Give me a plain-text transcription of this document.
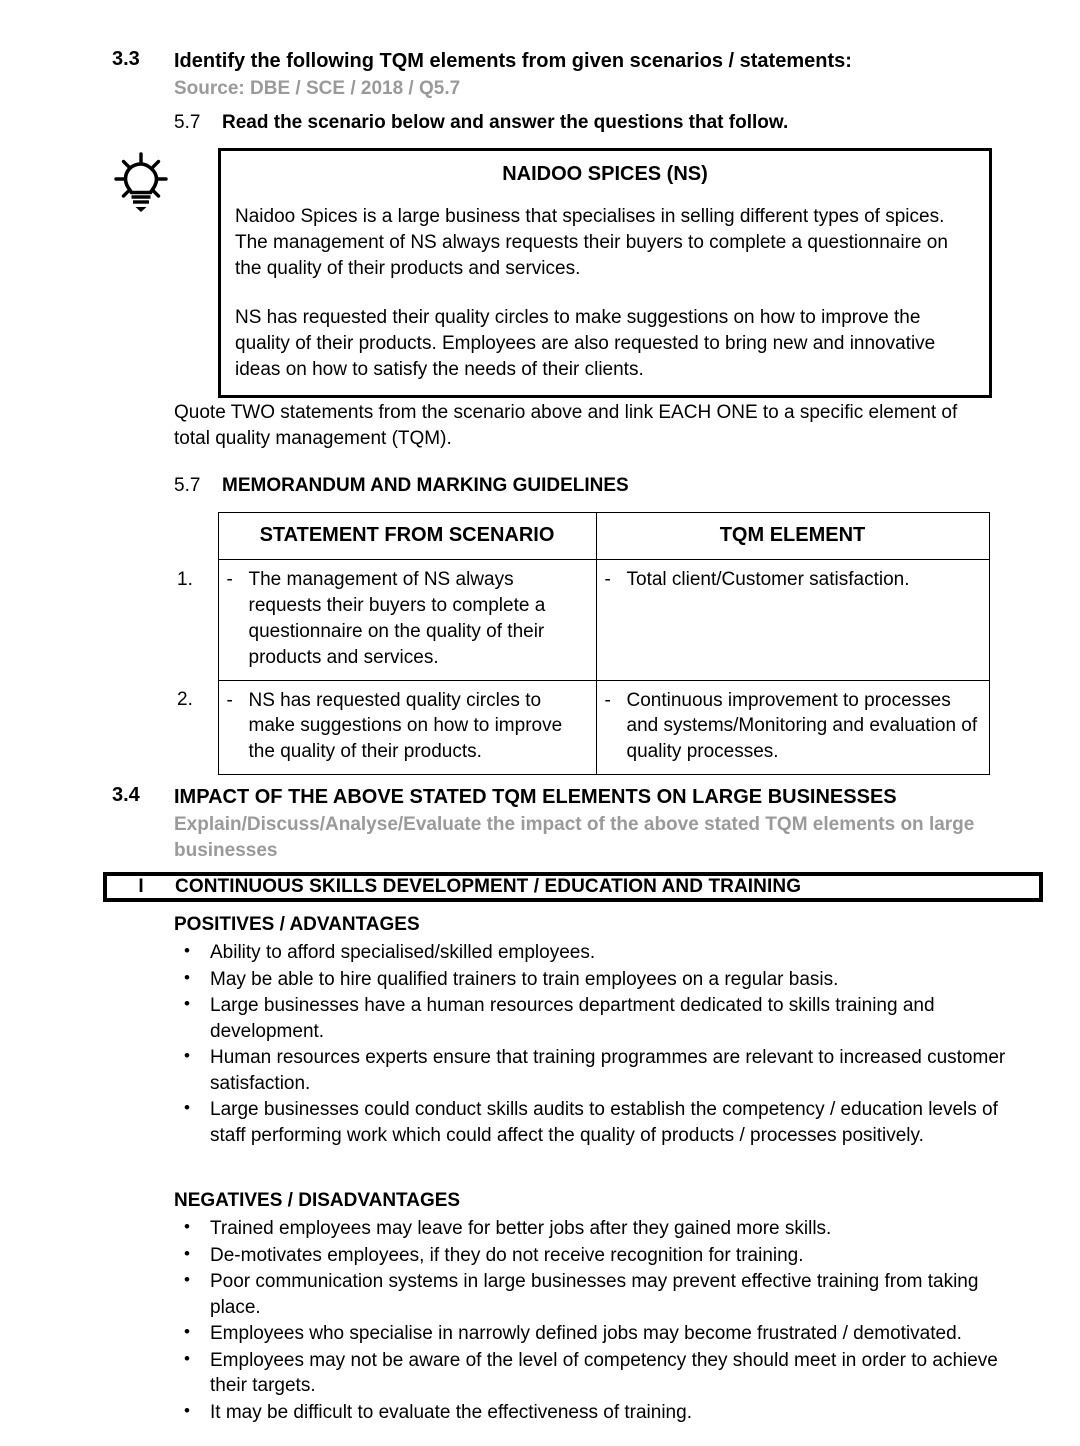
3.3	Identify the following TQM elements from given scenarios / statements:
Source: DBE / SCE / 2018 / Q5.7
5.7	Read the scenario below and answer the questions that follow.
NAIDOO SPICES (NS)

Naidoo Spices is a large business that specialises in selling different types of spices. The management of NS always requests their buyers to complete a questionnaire on the quality of their products and services.

NS has requested their quality circles to make suggestions on how to improve the quality of their products. Employees are also requested to bring new and innovative ideas on how to satisfy the needs of their clients.

Quote TWO statements from the scenario above and link EACH ONE to a specific element of total quality management (TQM).
5.7	MEMORANDUM AND MARKING GUIDELINES
	STATEMENT FROM SCENARIO	TQM ELEMENT
1.	- The management of NS always requests their buyers to complete a questionnaire on the quality of their products and services.	- Total client/Customer satisfaction.

2.	- NS has requested quality circles to make suggestions on how to improve the quality of their products.	- Continuous improvement to processes and systems/Monitoring and evaluation of quality processes.
3.4	IMPACT OF THE ABOVE STATED TQM ELEMENTS ON LARGE BUSINESSES
Explain/Discuss/Analyse/Evaluate the impact of the above stated TQM elements on large businesses
I	CONTINUOUS SKILLS DEVELOPMENT / EDUCATION AND TRAINING
POSITIVES / ADVANTAGES
• Ability to afford specialised/skilled employees.
• May be able to hire qualified trainers to train employees on a regular basis.
• Large businesses have a human resources department dedicated to skills training and development.
• Human resources experts ensure that training programmes are relevant to increased customer satisfaction.
• Large businesses could conduct skills audits to establish the competency / education levels of staff performing work which could affect the quality of products / processes positively.
NEGATIVES / DISADVANTAGES
• Trained employees may leave for better jobs after they gained more skills.
• De-motivates employees, if they do not receive recognition for training.
• Poor communication systems in large businesses may prevent effective training from taking place.
• Employees who specialise in narrowly defined jobs may become frustrated / demotivated.
• Employees may not be aware of the level of competency they should meet in order to achieve their targets.
• It may be difficult to evaluate the effectiveness of training.
